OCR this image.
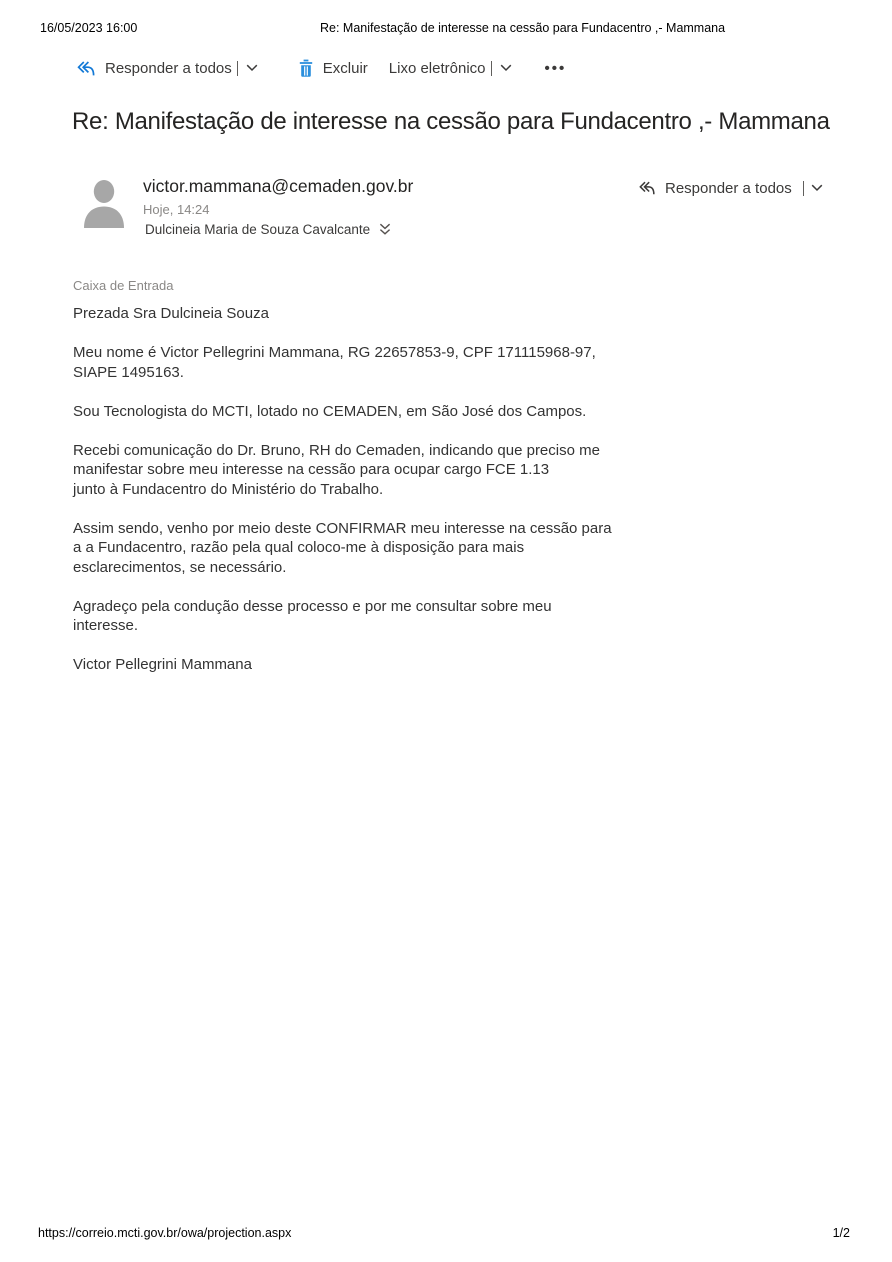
16/05/2023 16:00	Re: Manifestação de interesse na cessão para Fundacentro ,- Mammana
Responder a todos	Excluir Lixo eletrônico	•••
Re: Manifestação de interesse na cessão para Fundacentro ,- Mammana
victor.mammana@cemaden.gov.br
Hoje, 14:24
Dulcineia Maria de Souza Cavalcante
Responder a todos
Caixa de Entrada

Prezada Sra Dulcineia Souza

Meu nome é Victor Pellegrini Mammana, RG 22657853-9, CPF 171115968-97,
SIAPE 1495163.

Sou Tecnologista do MCTI, lotado no CEMADEN, em São José dos Campos.

Recebi comunicação do Dr. Bruno, RH do Cemaden, indicando que preciso me
manifestar sobre meu interesse na cessão para ocupar cargo FCE 1.13
junto à Fundacentro do Ministério do Trabalho.

Assim sendo, venho por meio deste CONFIRMAR meu interesse na cessão para
a a Fundacentro, razão pela qual coloco-me à disposição para mais
esclarecimentos, se necessário.

Agradeço pela condução desse processo e por me consultar sobre meu
interesse.

Victor Pellegrini Mammana

https://correio.mcti.gov.br/owa/projection.aspx	1/2
